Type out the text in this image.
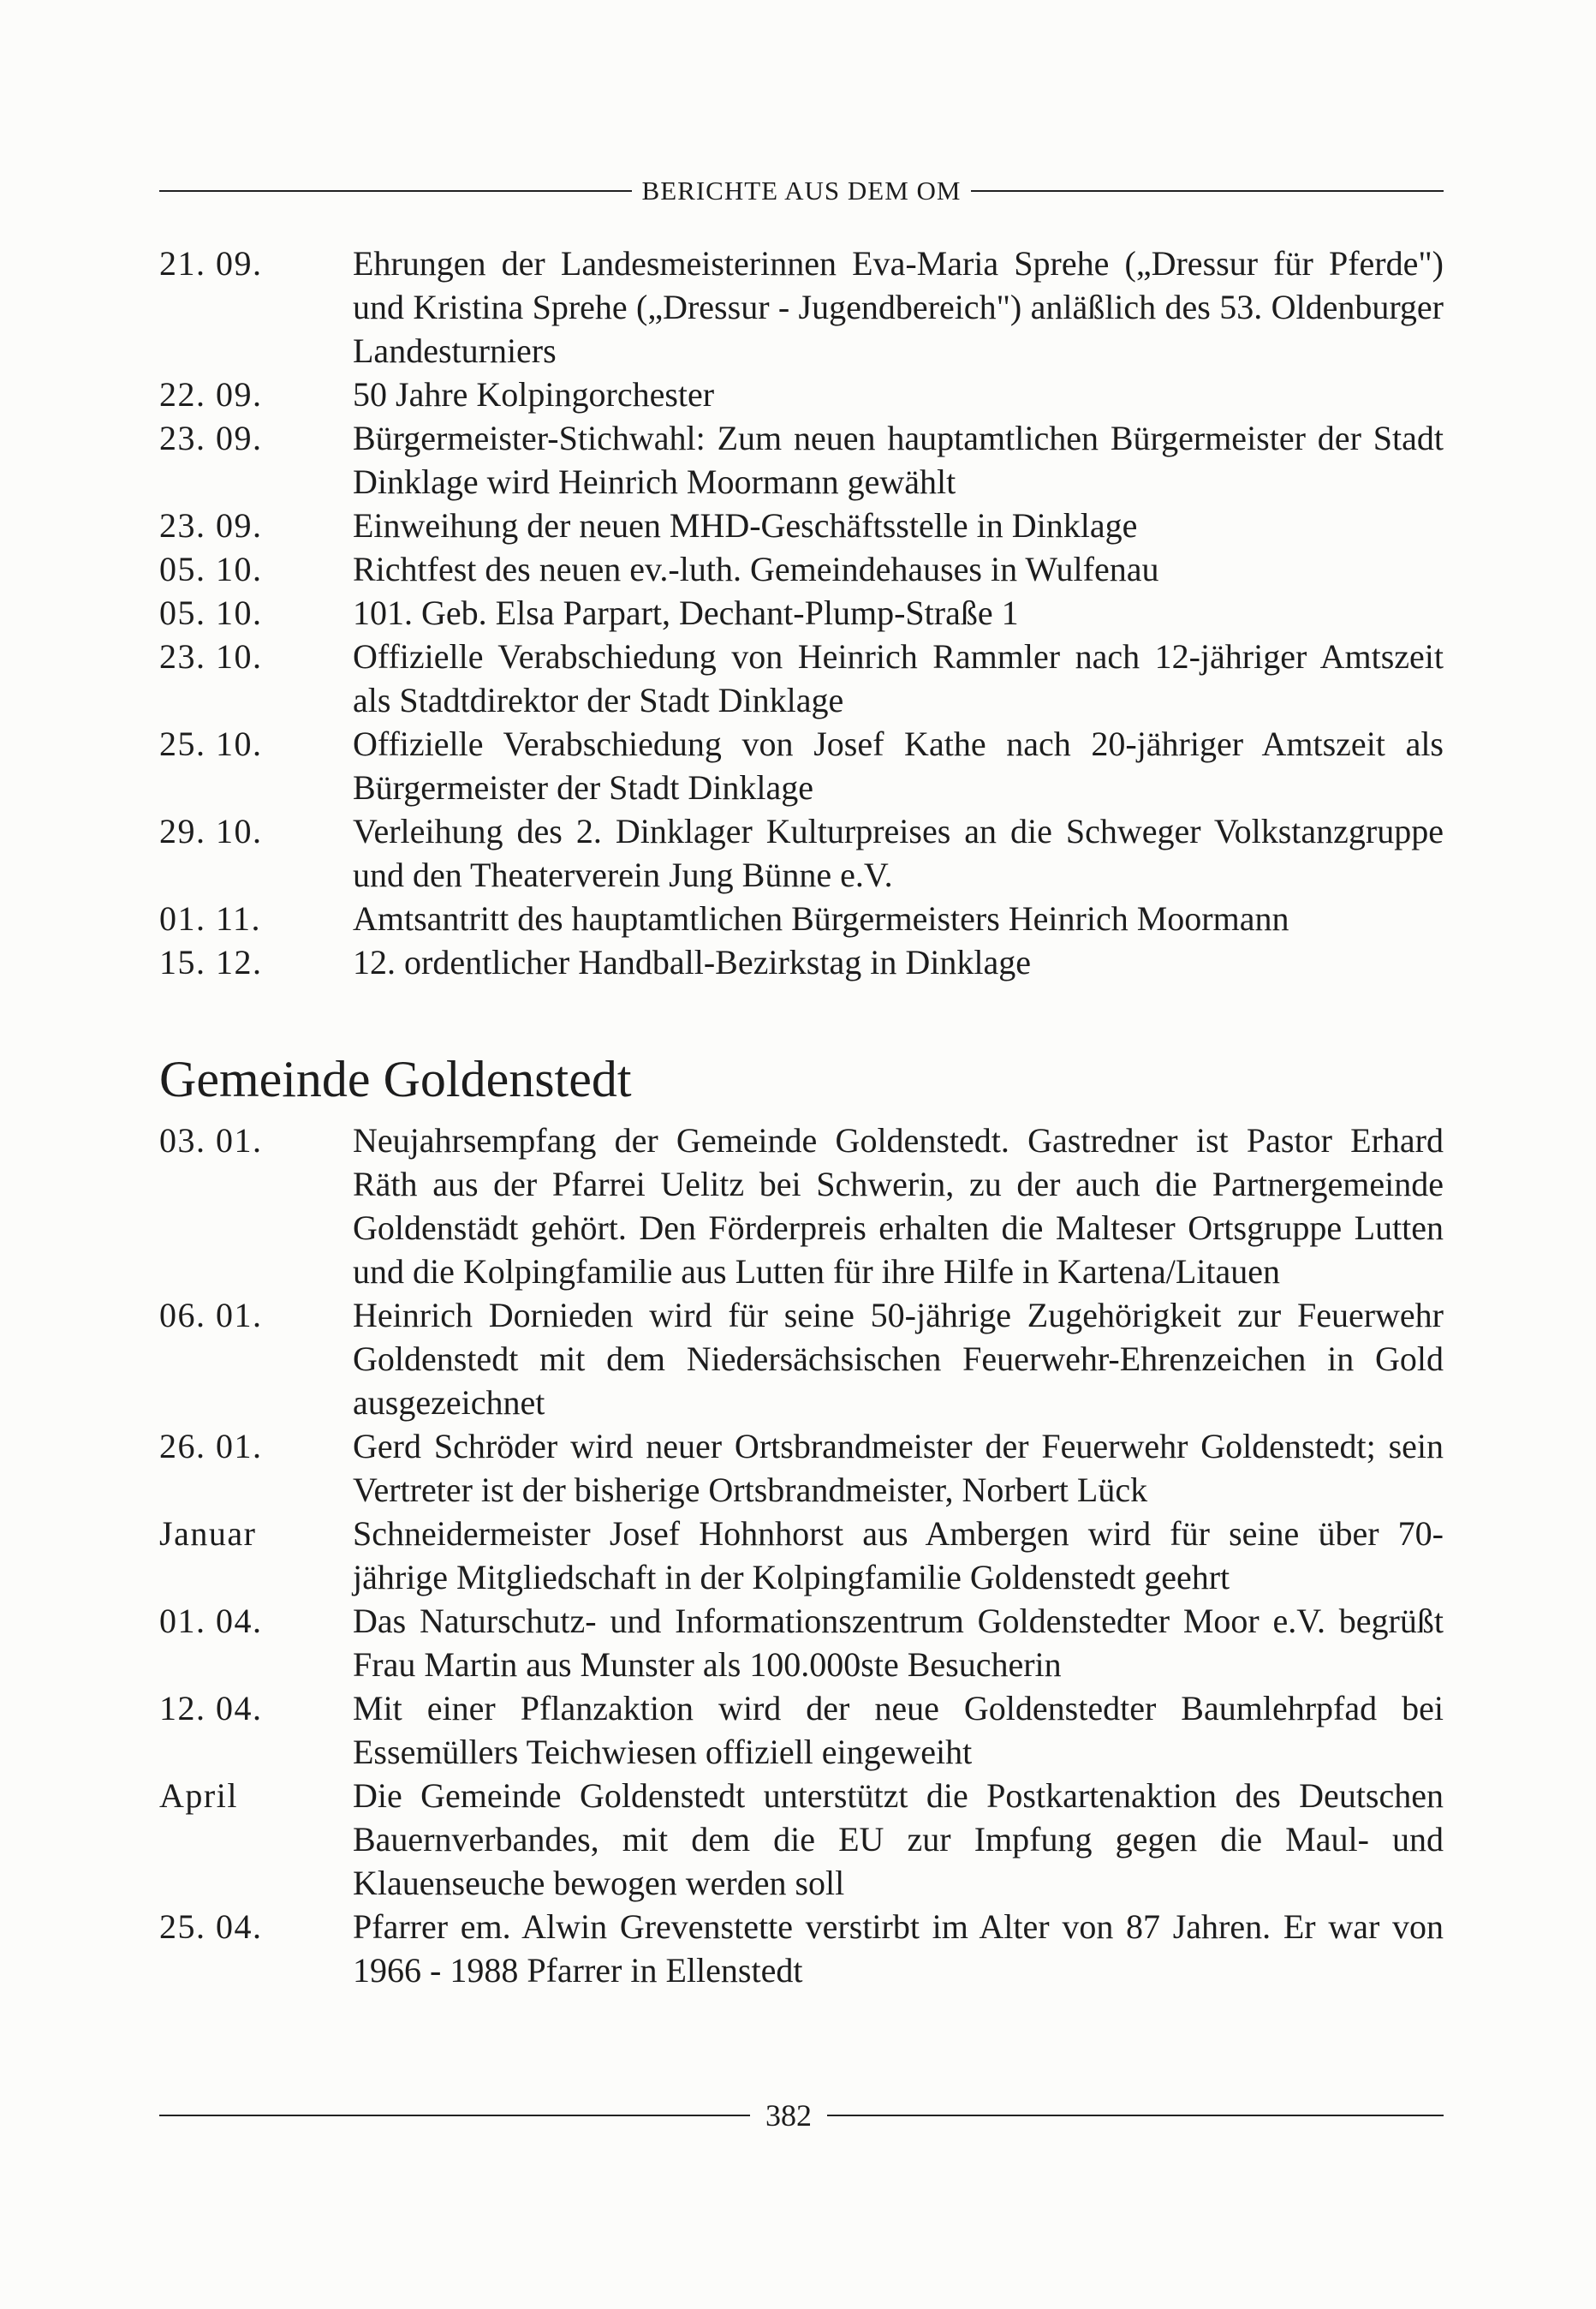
BERICHTE AUS DEM OM
21. 09.	Ehrungen der Landesmeisterinnen Eva-Maria Sprehe („Dressur für Pferde") und Kristina Sprehe („Dressur - Jugendbereich") anläßlich des 53. Oldenburger Landesturniers
22. 09.	50 Jahre Kolpingorchester
23. 09.	Bürgermeister-Stichwahl: Zum neuen hauptamtlichen Bürgermeister der Stadt Dinklage wird Heinrich Moormann gewählt
23. 09.	Einweihung der neuen MHD-Geschäftsstelle in Dinklage
05. 10.	Richtfest des neuen ev.-luth. Gemeindehauses in Wulfenau
05. 10.	101. Geb. Elsa Parpart, Dechant-Plump-Straße 1
23. 10.	Offizielle Verabschiedung von Heinrich Rammler nach 12-jähriger Amtszeit als Stadtdirektor der Stadt Dinklage
25. 10.	Offizielle Verabschiedung von Josef Kathe nach 20-jähriger Amtszeit als Bürgermeister der Stadt Dinklage
29. 10.	Verleihung des 2. Dinklager Kulturpreises an die Schweger Volkstanzgruppe und den Theaterverein Jung Bünne e.V.
01. 11.	Amtsantritt des hauptamtlichen Bürgermeisters Heinrich Moormann
15. 12.	12. ordentlicher Handball-Bezirkstag in Dinklage
Gemeinde Goldenstedt
03. 01.	Neujahrsempfang der Gemeinde Goldenstedt. Gastredner ist Pastor Erhard Räth aus der Pfarrei Uelitz bei Schwerin, zu der auch die Partnergemeinde Goldenstädt gehört. Den Förderpreis erhalten die Malteser Ortsgruppe Lutten und die Kolpingfamilie aus Lutten für ihre Hilfe in Kartena/Litauen
06. 01.	Heinrich Dornieden wird für seine 50-jährige Zugehörigkeit zur Feuerwehr Goldenstedt mit dem Niedersächsischen Feuerwehr-Ehrenzeichen in Gold ausgezeichnet
26. 01.	Gerd Schröder wird neuer Ortsbrandmeister der Feuerwehr Goldenstedt; sein Vertreter ist der bisherige Ortsbrandmeister, Norbert Lück
Januar	Schneidermeister Josef Hohnhorst aus Ambergen wird für seine über 70-jährige Mitgliedschaft in der Kolpingfamilie Goldenstedt geehrt
01. 04.	Das Naturschutz- und Informationszentrum Goldenstedter Moor e.V. begrüßt Frau Martin aus Munster als 100.000ste Besucherin
12. 04.	Mit einer Pflanzaktion wird der neue Goldenstedter Baumlehrpfad bei Essemüllers Teichwiesen offiziell eingeweiht
April	Die Gemeinde Goldenstedt unterstützt die Postkartenaktion des Deutschen Bauernverbandes, mit dem die EU zur Impfung gegen die Maul- und Klauenseuche bewogen werden soll
25. 04.	Pfarrer em. Alwin Grevenstette verstirbt im Alter von 87 Jahren. Er war von 1966 - 1988 Pfarrer in Ellenstedt
382
